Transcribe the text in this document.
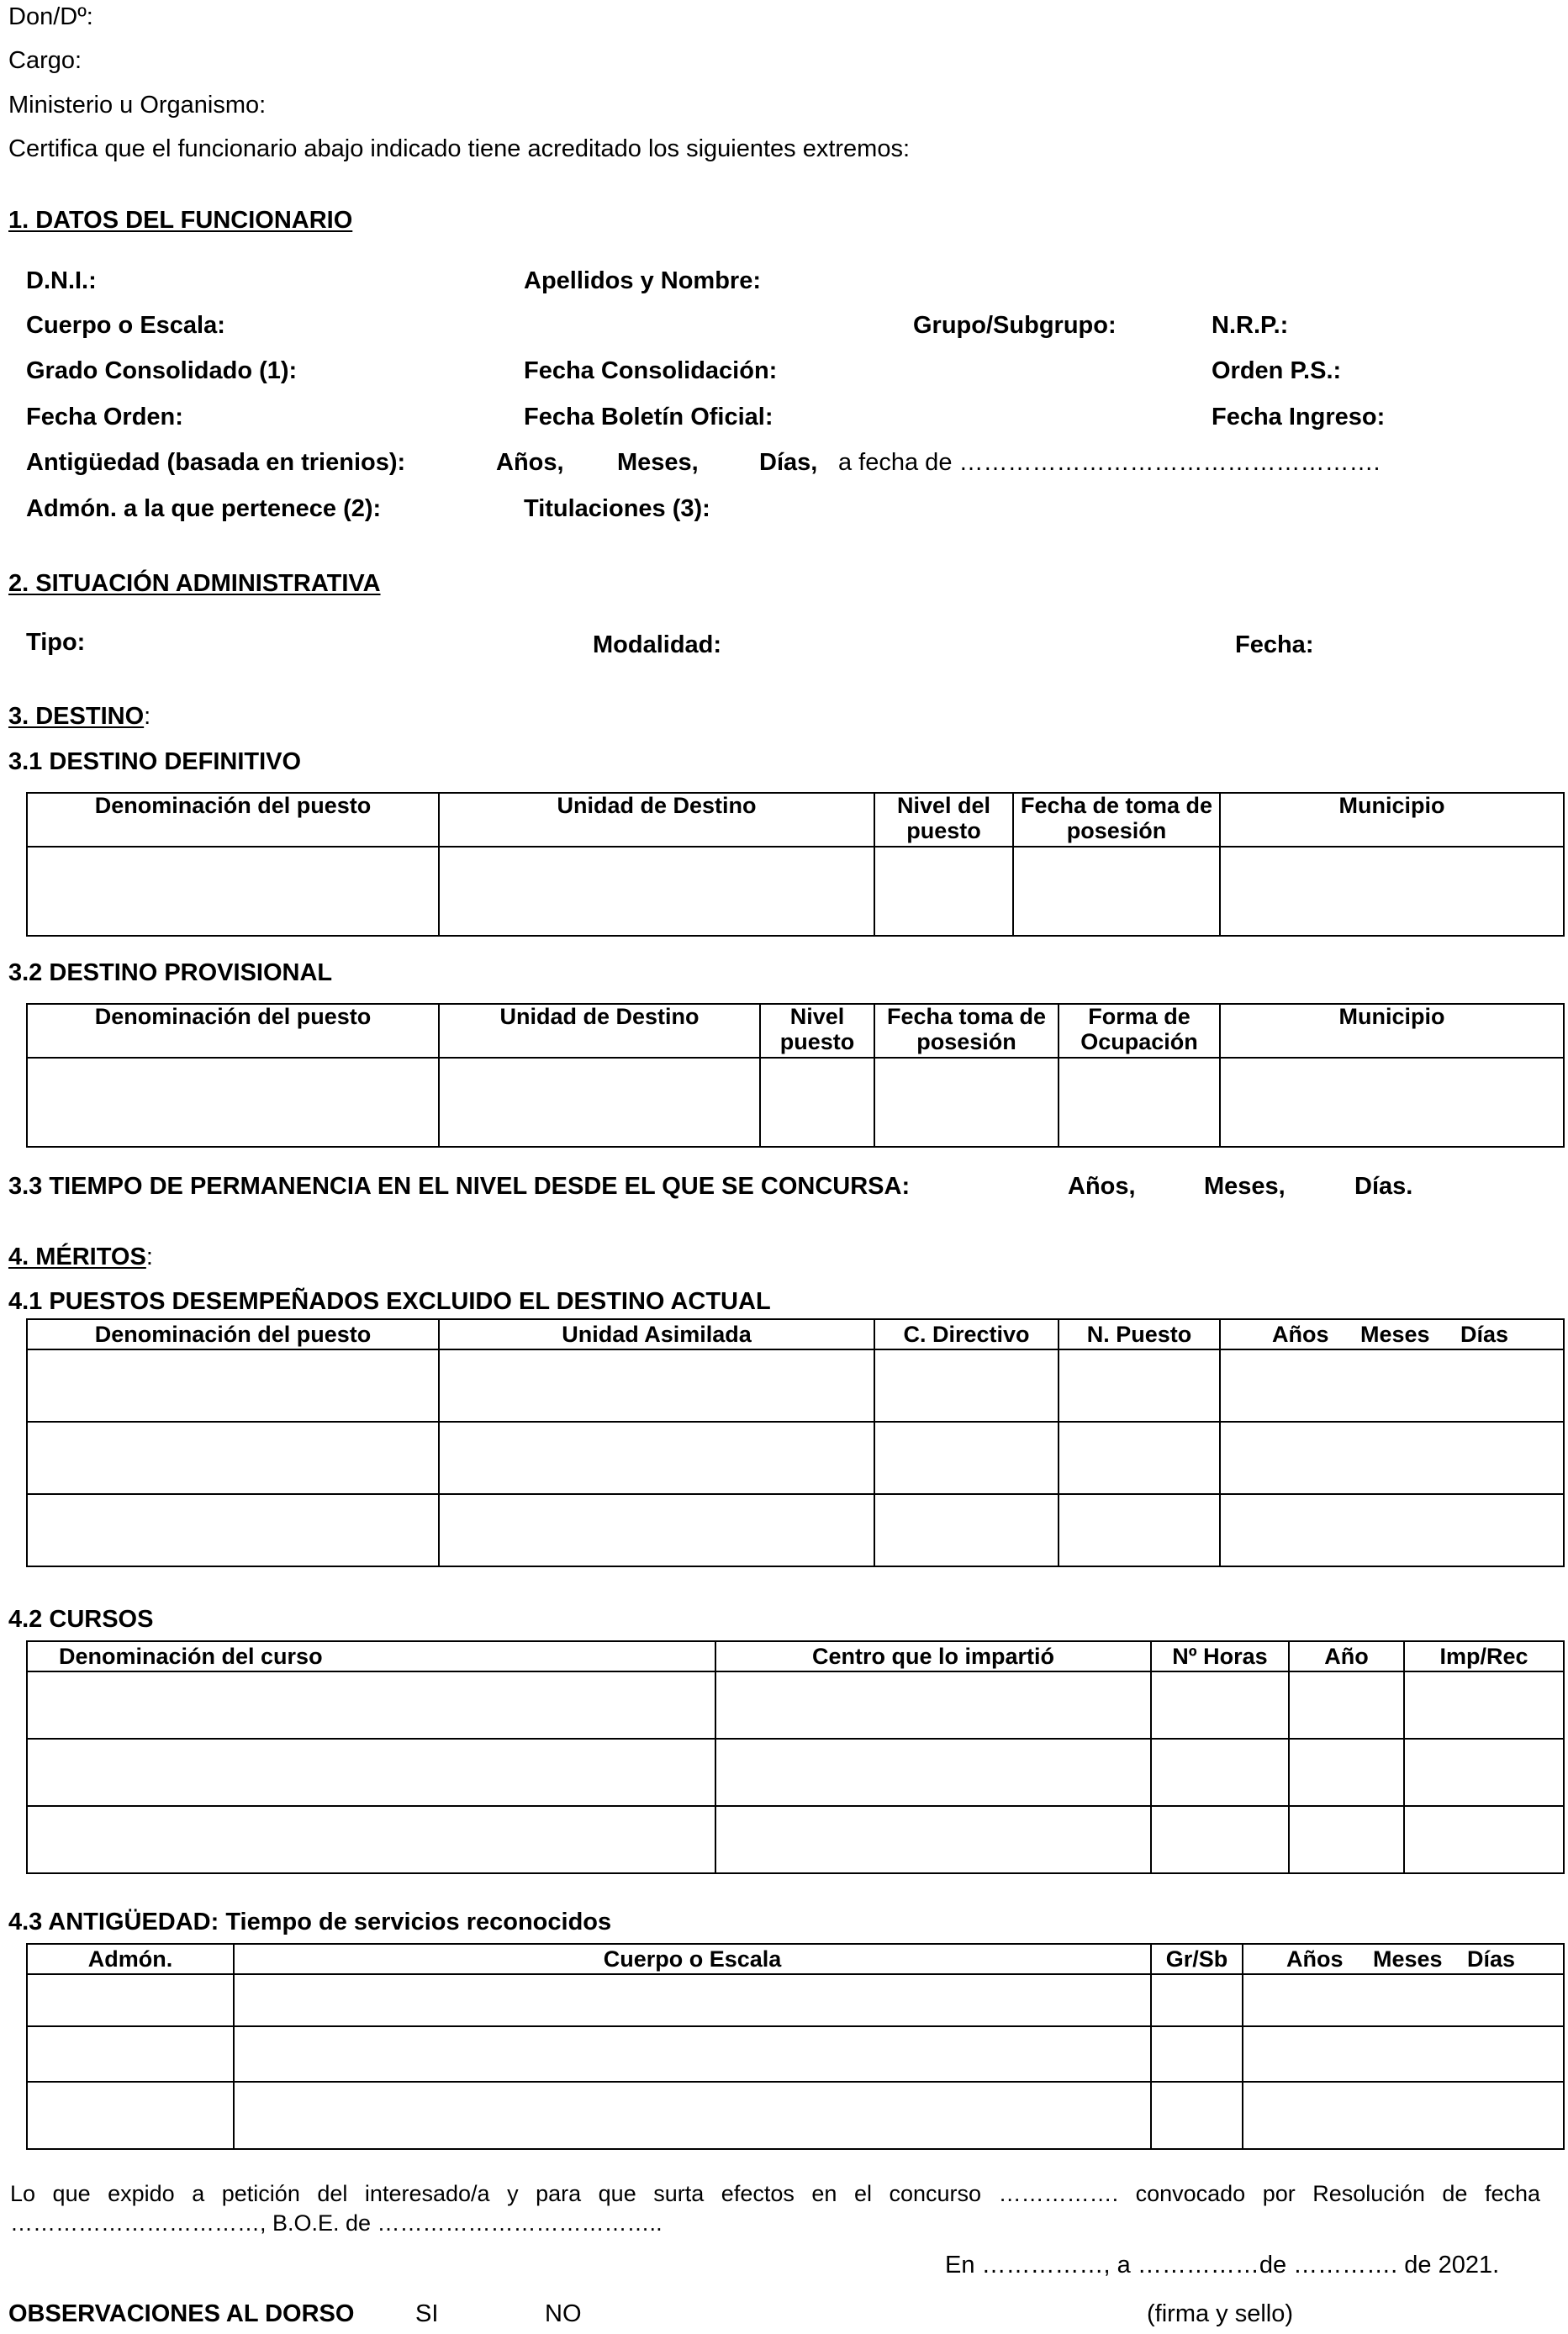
Don/Dº:
Cargo:
Ministerio u Organismo:
Certifica que el funcionario abajo indicado tiene acreditado los siguientes extremos:
1. DATOS DEL FUNCIONARIO
D.N.I.:	Apellidos y Nombre:
Cuerpo o Escala:	Grupo/Subgrupo:	N.R.P.:
Grado Consolidado (1):	Fecha Consolidación:	Orden P.S.:
Fecha Orden:	Fecha Boletín Oficial:	Fecha Ingreso:
Antigüedad (basada en trienios):	Años, Meses, Días, a fecha de …………………………………………….
Admón. a la que pertenece (2):	Titulaciones (3):
2. SITUACIÓN ADMINISTRATIVA
Tipo:	Modalidad:	Fecha:
3. DESTINO:
3.1 DESTINO DEFINITIVO
Denominación del puesto	Unidad de Destino	Nivel del puesto	Fecha de toma de posesión	Municipio

3.2 DESTINO PROVISIONAL
Denominación del puesto	Unidad de Destino	Nivel puesto	Fecha toma de posesión	Forma de Ocupación	Municipio

3.3 TIEMPO DE PERMANENCIA EN EL NIVEL DESDE EL QUE SE CONCURSA:	Años,	Meses,	Días.
4. MÉRITOS:
4.1 PUESTOS DESEMPEÑADOS EXCLUIDO EL DESTINO ACTUAL
Denominación del puesto	Unidad Asimilada	C. Directivo	N. Puesto	Años Meses Días

4.2 CURSOS
Denominación del curso	Centro que lo impartió	Nº Horas	Año	Imp/Rec

4.3 ANTIGÜEDAD: Tiempo de servicios reconocidos
Admón.	Cuerpo o Escala	Gr/Sb	Años Meses Días

Lo que expido a petición del interesado/a y para que surta efectos en el concurso ……………. convocado por Resolución de fecha
……………………………, B.O.E. de ………………………………..
En ……………, a ……………de …………. de 2021.
OBSERVACIONES AL DORSO	SI	NO	(firma y sello)
